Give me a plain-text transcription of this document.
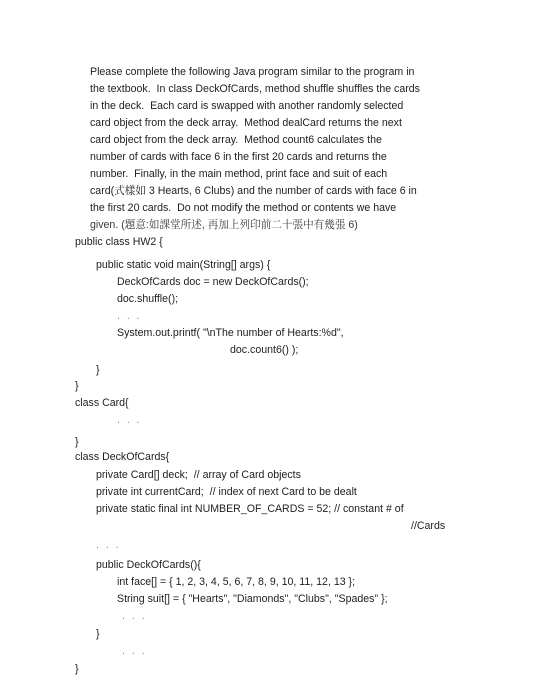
Please complete the following Java program similar to the program in
the textbook.  In class DeckOfCards, method shuffle shuffles the cards
in the deck.  Each card is swapped with another randomly selected
card object from the deck array.  Method dealCard returns the next
card object from the deck array.  Method count6 calculates the
number of cards with face 6 in the first 20 cards and returns the
number.  Finally, in the main method, print face and suit of each
card(式樣如 3 Hearts, 6 Clubs) and the number of cards with face 6 in
the first 20 cards.  Do not modify the method or contents we have
given. (題意:如課堂所述, 再加上列印前二十張中有幾張 6)
public class HW2 {
public static void main(String[] args) {
DeckOfCards doc = new DeckOfCards();
doc.shuffle();
. . .
System.out.printf( "\nThe number of Hearts:%d",
doc.count6() );
}
}
class Card{
. . .
}
class DeckOfCards{
private Card[] deck;  // array of Card objects
private int currentCard;  // index of next Card to be dealt
private static final int NUMBER_OF_CARDS = 52; // constant # of
//Cards
. . .
public DeckOfCards(){
int face[] = { 1, 2, 3, 4, 5, 6, 7, 8, 9, 10, 11, 12, 13 };
String suit[] = { "Hearts", "Diamonds", "Clubs", "Spades" };
. . .
}
. . .
}
